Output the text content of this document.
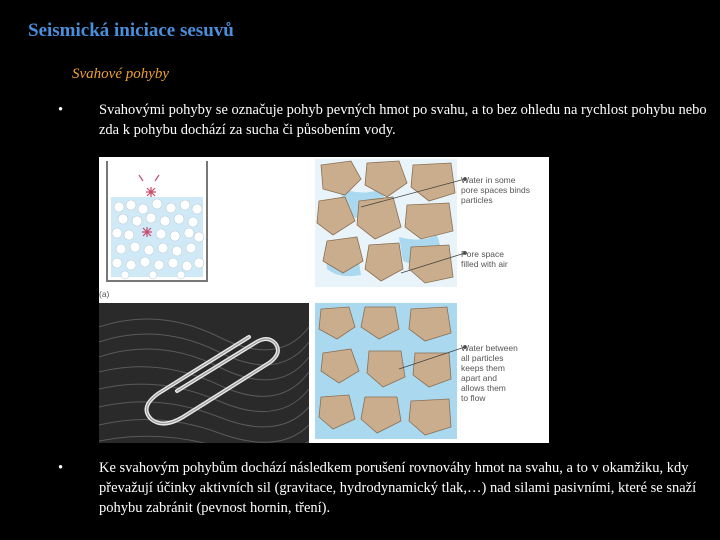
Seismická iniciace sesuvů
Svahové pohyby
• Svahovými pohyby se označuje pohyb pevných hmot po svahu, a to bez ohledu na rychlost pohybu nebo zda k pohybu dochází za sucha či působením vody.
(a)
Water in some
pore spaces binds
particles
Pore space
filled with air
Water between
all particles
keeps them
apart and
allows them
to flow
• Ke svahovým pohybům dochází následkem porušení rovnováhy hmot na svahu, a to v okamžiku, kdy převažují účinky aktivních sil (gravitace, hydrodynamický tlak,…) nad silami pasivními, které se snaží pohybu zabránit (pevnost hornin, tření).
